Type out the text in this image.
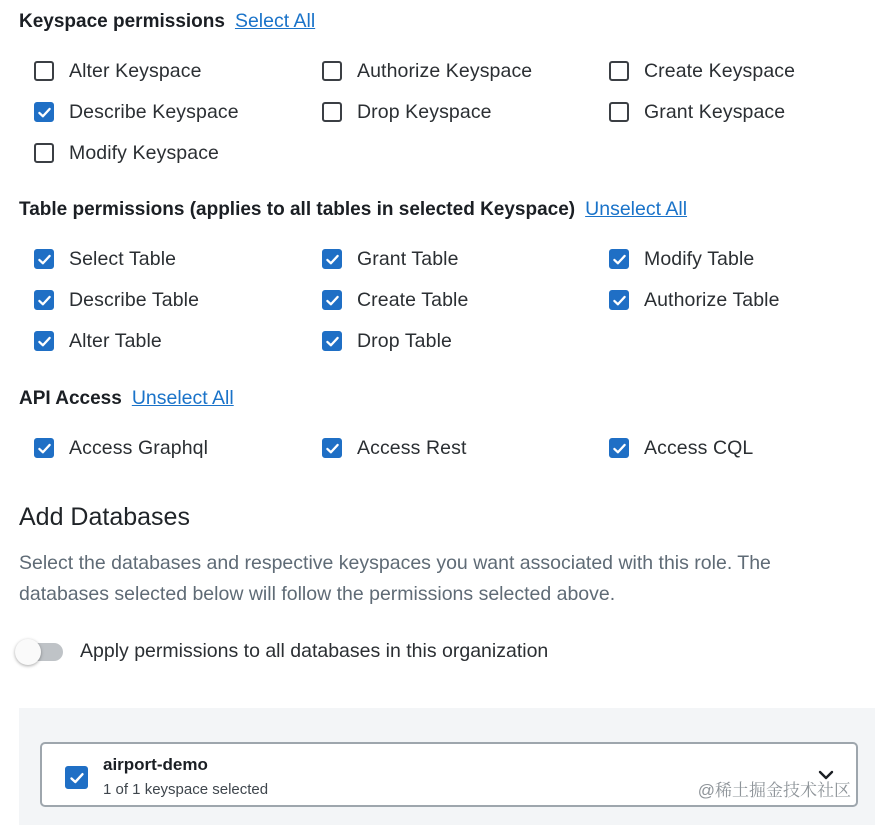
Keyspace permissions Select All
Alter Keyspace	Authorize Keyspace	Create Keyspace
Describe Keyspace	Drop Keyspace	Grant Keyspace
Modify Keyspace
Table permissions (applies to all tables in selected Keyspace) Unselect All
Select Table	Grant Table	Modify Table
Describe Table	Create Table	Authorize Table
Alter Table	Drop Table
API Access Unselect All
Access Graphql	Access Rest	Access CQL
Add Databases
Select the databases and respective keyspaces you want associated with this role. The databases selected below will follow the permissions selected above.
Apply permissions to all databases in this organization
airport-demo
1 of 1 keyspace selected	@稀土掘金技术社区
